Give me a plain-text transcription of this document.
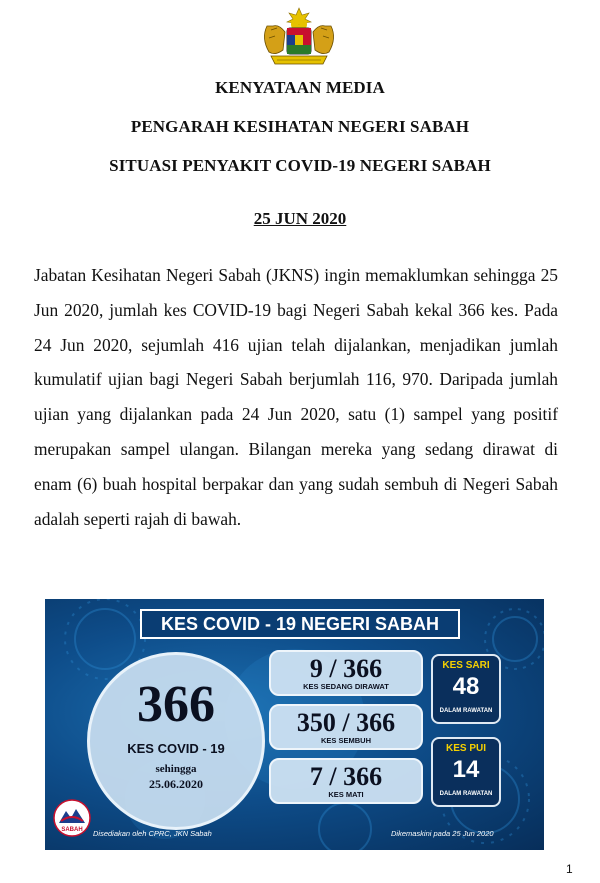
KENYATAAN MEDIA
PENGARAH KESIHATAN NEGERI SABAH
SITUASI PENYAKIT COVID-19 NEGERI SABAH
25 JUN 2020
Jabatan Kesihatan Negeri Sabah (JKNS) ingin memaklumkan sehingga 25 Jun 2020, jumlah kes COVID-19 bagi Negeri Sabah kekal 366 kes. Pada 24 Jun 2020, sejumlah 416 ujian telah dijalankan, menjadikan jumlah kumulatif ujian bagi Negeri Sabah berjumlah 116, 970. Daripada jumlah ujian yang dijalankan pada 24 Jun 2020, satu (1) sampel yang positif merupakan sampel ulangan. Bilangan mereka yang sedang dirawat di enam (6) buah hospital berpakar dan yang sudah sembuh di Negeri Sabah adalah seperti rajah di bawah.
KES COVID - 19 NEGERI SABAH
366
KES COVID - 19
sehingga
25.06.2020
9 / 366
KES SEDANG DIRAWAT
350 / 366
KES SEMBUH
7 / 366
KES MATI
KES SARI
48
DALAM RAWATAN
KES PUI
14
DALAM RAWATAN
SABAH Disediakan oleh CPRC, JKN Sabah	Dikemaskini pada 25 Jun 2020
1
